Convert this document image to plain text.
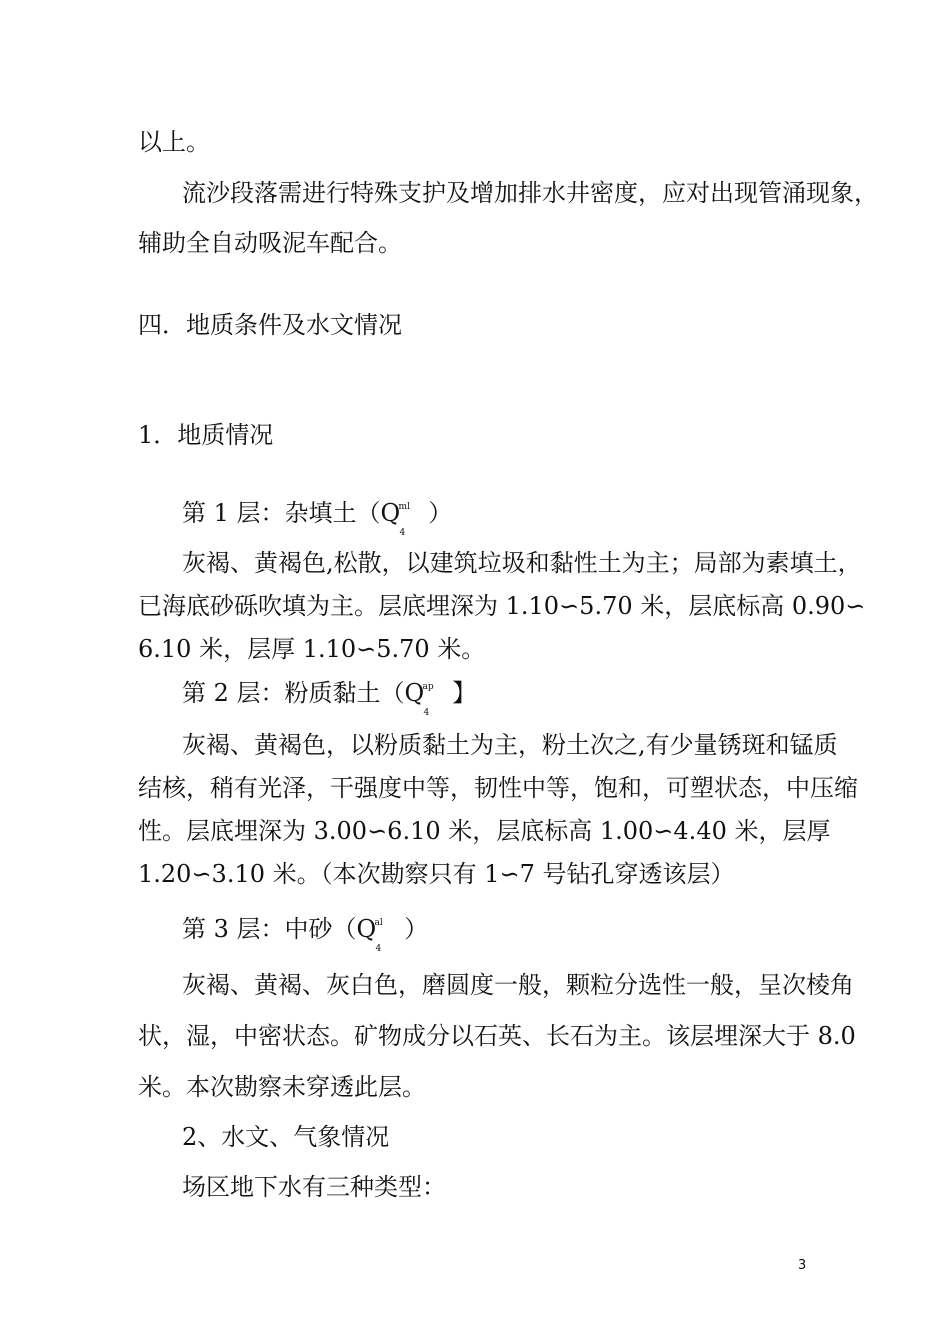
以上。
流沙段落需进行特殊支护及增加排水井密度，应对出现管涌现象，
辅助全自动吸泥车配合。
四．地质条件及水文情况
1．地质情况
第 1 层：杂填土（Q
ml
4
）
灰褐、黄褐色,松散，以建筑垃圾和黏性土为主；局部为素填土，
已海底砂砾吹填为主。层底埋深为 1.10∽5.70 米，层底标高 0.90∽
6.10 米，层厚 1.10∽5.70 米。
第 2 层：粉质黏土（Q
ap
4
】
灰褐、黄褐色，以粉质黏土为主，粉土次之,有少量锈斑和锰质
结核，稍有光泽，干强度中等，韧性中等，饱和，可塑状态，中压缩
性。层底埋深为 3.00∽6.10 米，层底标高 1.00∽4.40 米，层厚
1.20∽3.10 米。（本次勘察只有 1∽7 号钻孔穿透该层）
第 3 层：中砂（Q
al
4
）
灰褐、黄褐、灰白色，磨圆度一般，颗粒分选性一般，呈次棱角
状，湿，中密状态。矿物成分以石英、长石为主。该层埋深大于 8.0
米。本次勘察未穿透此层。
2、水文、气象情况
场区地下水有三种类型：
3
